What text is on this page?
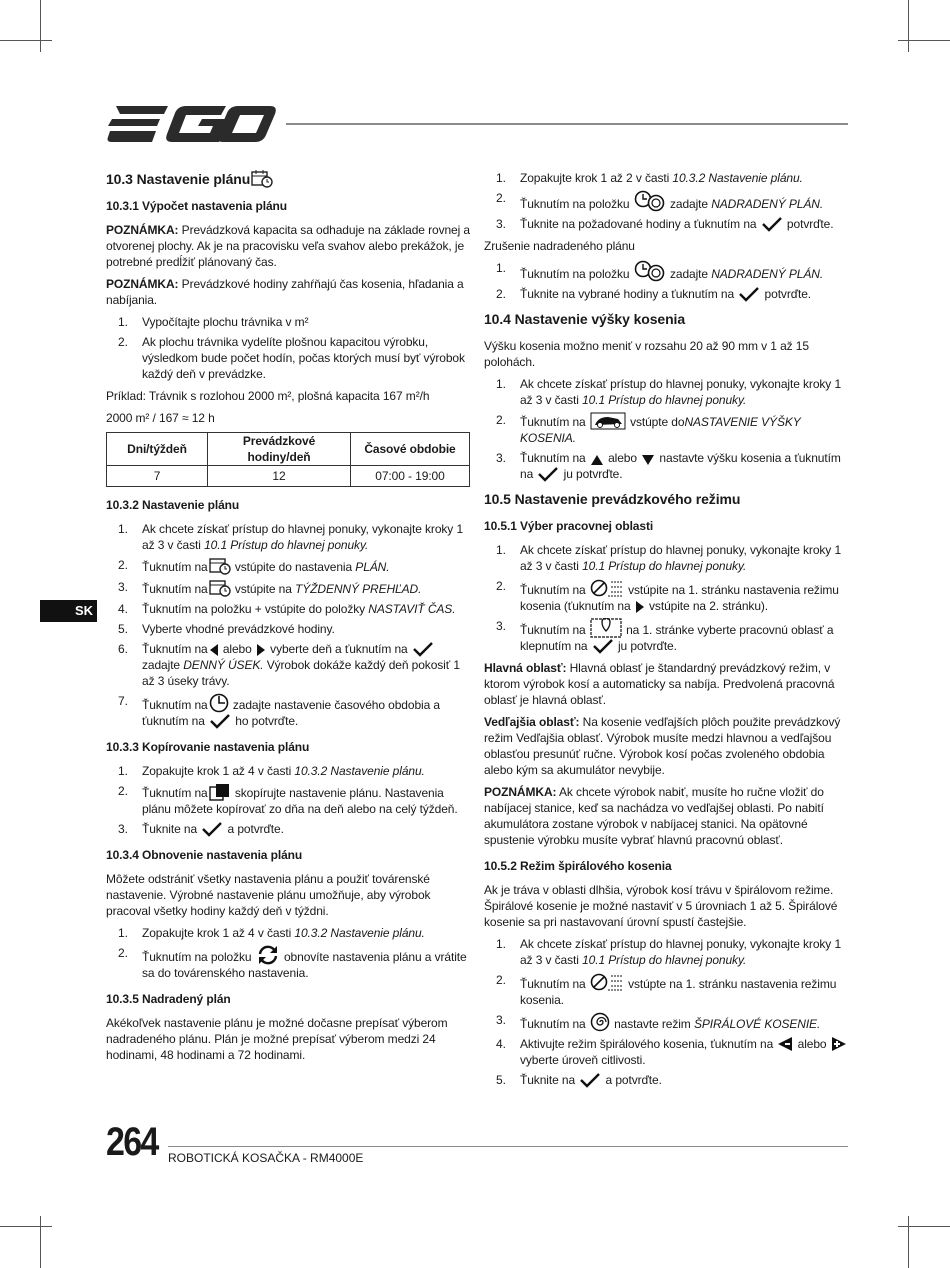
SK
10.3 Nastavenie plánu
10.3.1 Výpočet nastavenia plánu

POZNÁMKA: Prevádzková kapacita sa odhaduje na základe rovnej a otvorenej plochy. Ak je na pracovisku veľa svahov alebo prekážok, je potrebné predĺžiť plánovaný čas.

POZNÁMKA: Prevádzkové hodiny zahŕňajú čas kosenia, hľadania a nabíjania.

1. Vypočítajte plochu trávnika v m²
2. Ak plochu trávnika vydelíte plošnou kapacitou výrobku, výsledkom bude počet hodín, počas ktorých musí byť výrobok každý deň v prevádzke.

Príklad: Trávnik s rozlohou 2000 m², plošná kapacita 167 m²/h

2000 m² / 167 ≈ 12 h

Dni/týždeň	Prevádzkové hodiny/deň	Časové obdobie
7	12	07:00 - 19:00
10.3.2 Nastavenie plánu
1. Ak chcete získať prístup do hlavnej ponuky, vykonajte kroky 1 až 3 v časti 10.1 Prístup do hlavnej ponuky.
2. Ťuknutím na vstúpite do nastavenia PLÁN.
3. Ťuknutím na vstúpite na TÝŽDENNÝ PREHĽAD.
4. Ťuknutím na položku + vstúpite do položky NASTAVIŤ ČAS.
5. Vyberte vhodné prevádzkové hodiny.
6. Ťuknutím na alebo  vyberte deň a ťuknutím na  zadajte DENNÝ ÚSEK. Výrobok dokáže každý deň pokosiť 1 až 3 úseky trávy.
7. Ťuknutím na zadajte nastavenie časového obdobia a ťuknutím na  ho potvrďte.
10.3.3 Kopírovanie nastavenia plánu
1. Zopakujte krok 1 až 4 v časti 10.3.2 Nastavenie plánu.
2. Ťuknutím na skopírujte nastavenie plánu. Nastavenia plánu môžete kopírovať zo dňa na deň alebo na celý týždeň.
3. Ťuknite na  a potvrďte.
10.3.4 Obnovenie nastavenia plánu

Môžete odstrániť všetky nastavenia plánu a použiť továrenské nastavenie. Výrobné nastavenie plánu umožňuje, aby výrobok pracoval všetky hodiny každý deň v týždni.

1. Zopakujte krok 1 až 4 v časti 10.3.2 Nastavenie plánu.
2. Ťuknutím na položku  obnovíte nastavenia plánu a vrátite sa do továrenského nastavenia.
10.3.5 Nadradený plán

Akékoľvek nastavenie plánu je možné dočasne prepísať výberom nadradeného plánu. Plán je možné prepísať výberom medzi 24 hodinami, 48 hodinami a 72 hodinami.

1. Zopakujte krok 1 až 2 v časti 10.3.2 Nastavenie plánu.
2. Ťuknutím na položku	zadajte NADRADENÝ PLÁN.
3. Ťuknite na požadované hodiny a ťuknutím na  potvrďte.

Zrušenie nadradeného plánu

1. Ťuknutím na položku	zadajte NADRADENÝ PLÁN.
2. Ťuknite na vybrané hodiny a ťuknutím na  potvrďte.
10.4 Nastavenie výšky kosenia

Výšku kosenia možno meniť v rozsahu 20 až 90 mm v 1 až 15 polohách.

1. Ak chcete získať prístup do hlavnej ponuky, vykonajte kroky 1 až 3 v časti 10.1 Prístup do hlavnej ponuky.
2. Ťuknutím na	vstúpte doNASTAVENIE VÝŠKY KOSENIA.
3. Ťuknutím na  alebo  nastavte výšku kosenia a ťuknutím na  ju potvrďte.
10.5 Nastavenie prevádzkového režimu
10.5.1 Výber pracovnej oblasti
1. Ak chcete získať prístup do hlavnej ponuky, vykonajte kroky 1 až 3 v časti 10.1 Prístup do hlavnej ponuky.
2. Ťuknutím na	vstúpite na 1. stránku nastavenia režimu kosenia (ťuknutím na  vstúpite na 2. stránku).
3. Ťuknutím na	na 1. stránke vyberte pracovnú oblasť a klepnutím na  ju potvrďte.

Hlavná oblasť: Hlavná oblasť je štandardný prevádzkový režim, v ktorom výrobok kosí a automaticky sa nabíja. Predvolená pracovná oblasť je hlavná oblasť.

Vedľajšia oblasť: Na kosenie vedľajších plôch použite prevádzkový režim Vedľajšia oblasť. Výrobok musíte medzi hlavnou a vedľajšou oblasťou presunúť ručne. Výrobok kosí počas zvoleného obdobia alebo kým sa akumulátor nevybije.

POZNÁMKA: Ak chcete výrobok nabiť, musíte ho ručne vložiť do nabíjacej stanice, keď sa nachádza vo vedľajšej oblasti. Po nabití akumulátora zostane výrobok v nabíjacej stanici. Na opätovné spustenie výrobku musíte vybrať hlavnú pracovnú oblasť.

10.5.2 Režim špirálového kosenia

Ak je tráva v oblasti dlhšia, výrobok kosí trávu v špirálovom režime. Špirálové kosenie je možné nastaviť v 5 úrovniach 1 až 5. Špirálové kosenie sa pri nastavovaní úrovní spustí častejšie.

1. Ak chcete získať prístup do hlavnej ponuky, vykonajte kroky 1 až 3 v časti 10.1 Prístup do hlavnej ponuky.
2. Ťuknutím na	vstúpte na 1. stránku nastavenia režimu kosenia.
3. Ťuknutím na  nastavte režim ŠPIRÁLOVÉ KOSENIE.
4. Aktivujte režim špirálového kosenia, ťuknutím na  alebo  vyberte úroveň citlivosti.
5. Ťuknite na  a potvrďte.
264 ROBOTICKÁ KOSAČKA - RM4000E
